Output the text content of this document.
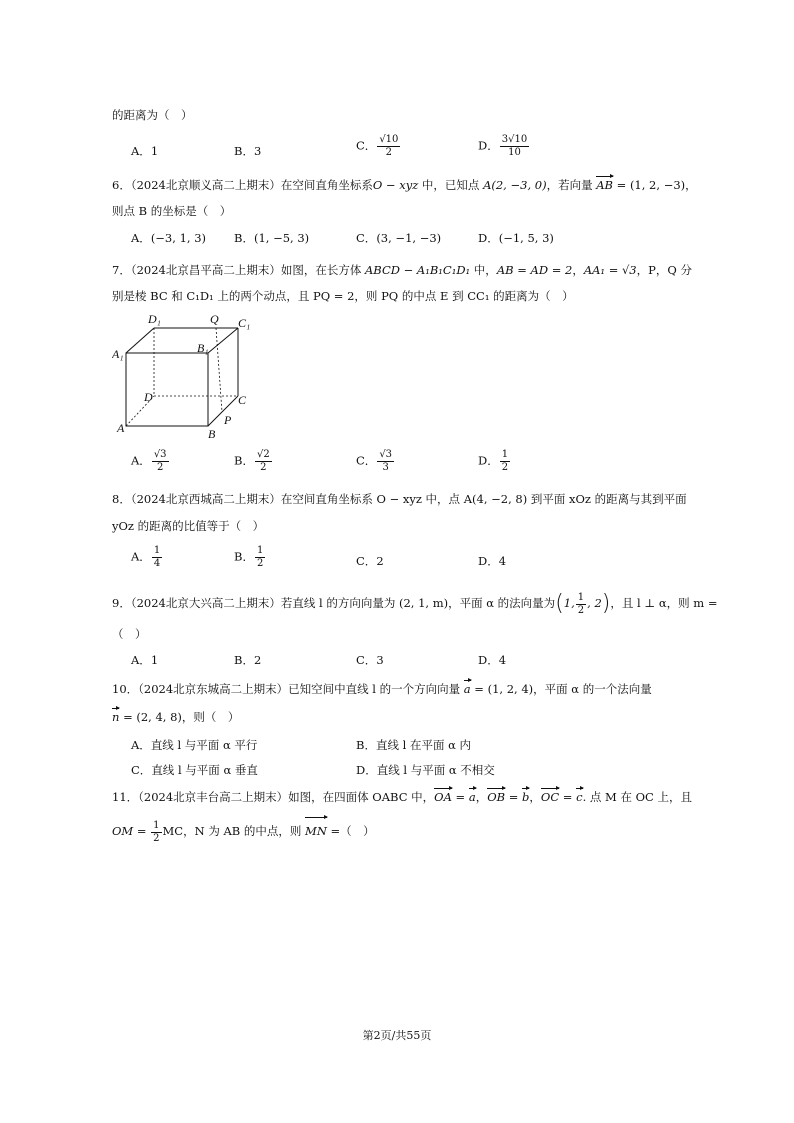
的距离为（　）
A．1	B．3	C． $\frac{√10}{2}$	D． $\frac{3√10}{10}$
6．（2024北京顺义高二上期末）在空间直角坐标系O − xyz 中，已知点 A(2, −3, 0)，若向量 AB = (1, 2, −3)，
则点 B 的坐标是（　）
A．(−3, 1, 3) B．(1, −5, 3)	C．(3, −1, −3)	D．(−1, 5, 3)
7．（2024北京昌平高二上期末）如图，在长方体 ABCD − A₁B₁C₁D₁ 中，AB = AD = 2，AA₁ = √3，P，Q 分
别是棱 BC 和 C₁D₁ 上的两个动点，且 PQ = 2，则 PQ 的中点 E 到 CC₁ 的距离为（　）
D₁	Q C₁
A₁	B₁
D	C
P
A	B
A． $\frac{√3}{2}$	B． $\frac{√2}{2}$	C． $\frac{√3}{3}$	D． $\frac{1}{2}$
8．（2024北京西城高二上期末）在空间直角坐标系 O − xyz 中，点 A(4, −2, 8) 到平面 xOz 的距离与其到平面
yOz 的距离的比值等于（　）
A． $\frac{1}{4}$	B． $\frac{1}{2}$	C．2	D．4
9．（2024北京大兴高二上期末）若直线 l 的方向向量为 (2, 1, m)，平面 α 的法向量为(1, $\frac{1}{2}$ , 2)，且 l ⊥ α，则 m =
（　）
A．1	B．2	C．3	D．4
10．（2024北京东城高二上期末）已知空间中直线 l 的一个方向向量 a = (1, 2, 4)，平面 α 的一个法向量
n = (2, 4, 8)，则（　）
A．直线 l 与平面 α 平行	B．直线 l 在平面 α 内
C．直线 l 与平面 α 垂直	D．直线 l 与平面 α 不相交
11．（2024北京丰台高二上期末）如图，在四面体 OABC 中，OA = a，OB = b，OC = c. 点 M 在 OC 上，且
OM = $\frac{1}{2}$ MC，N 为 AB 的中点，则 MN =（　）
第2页/共55页
